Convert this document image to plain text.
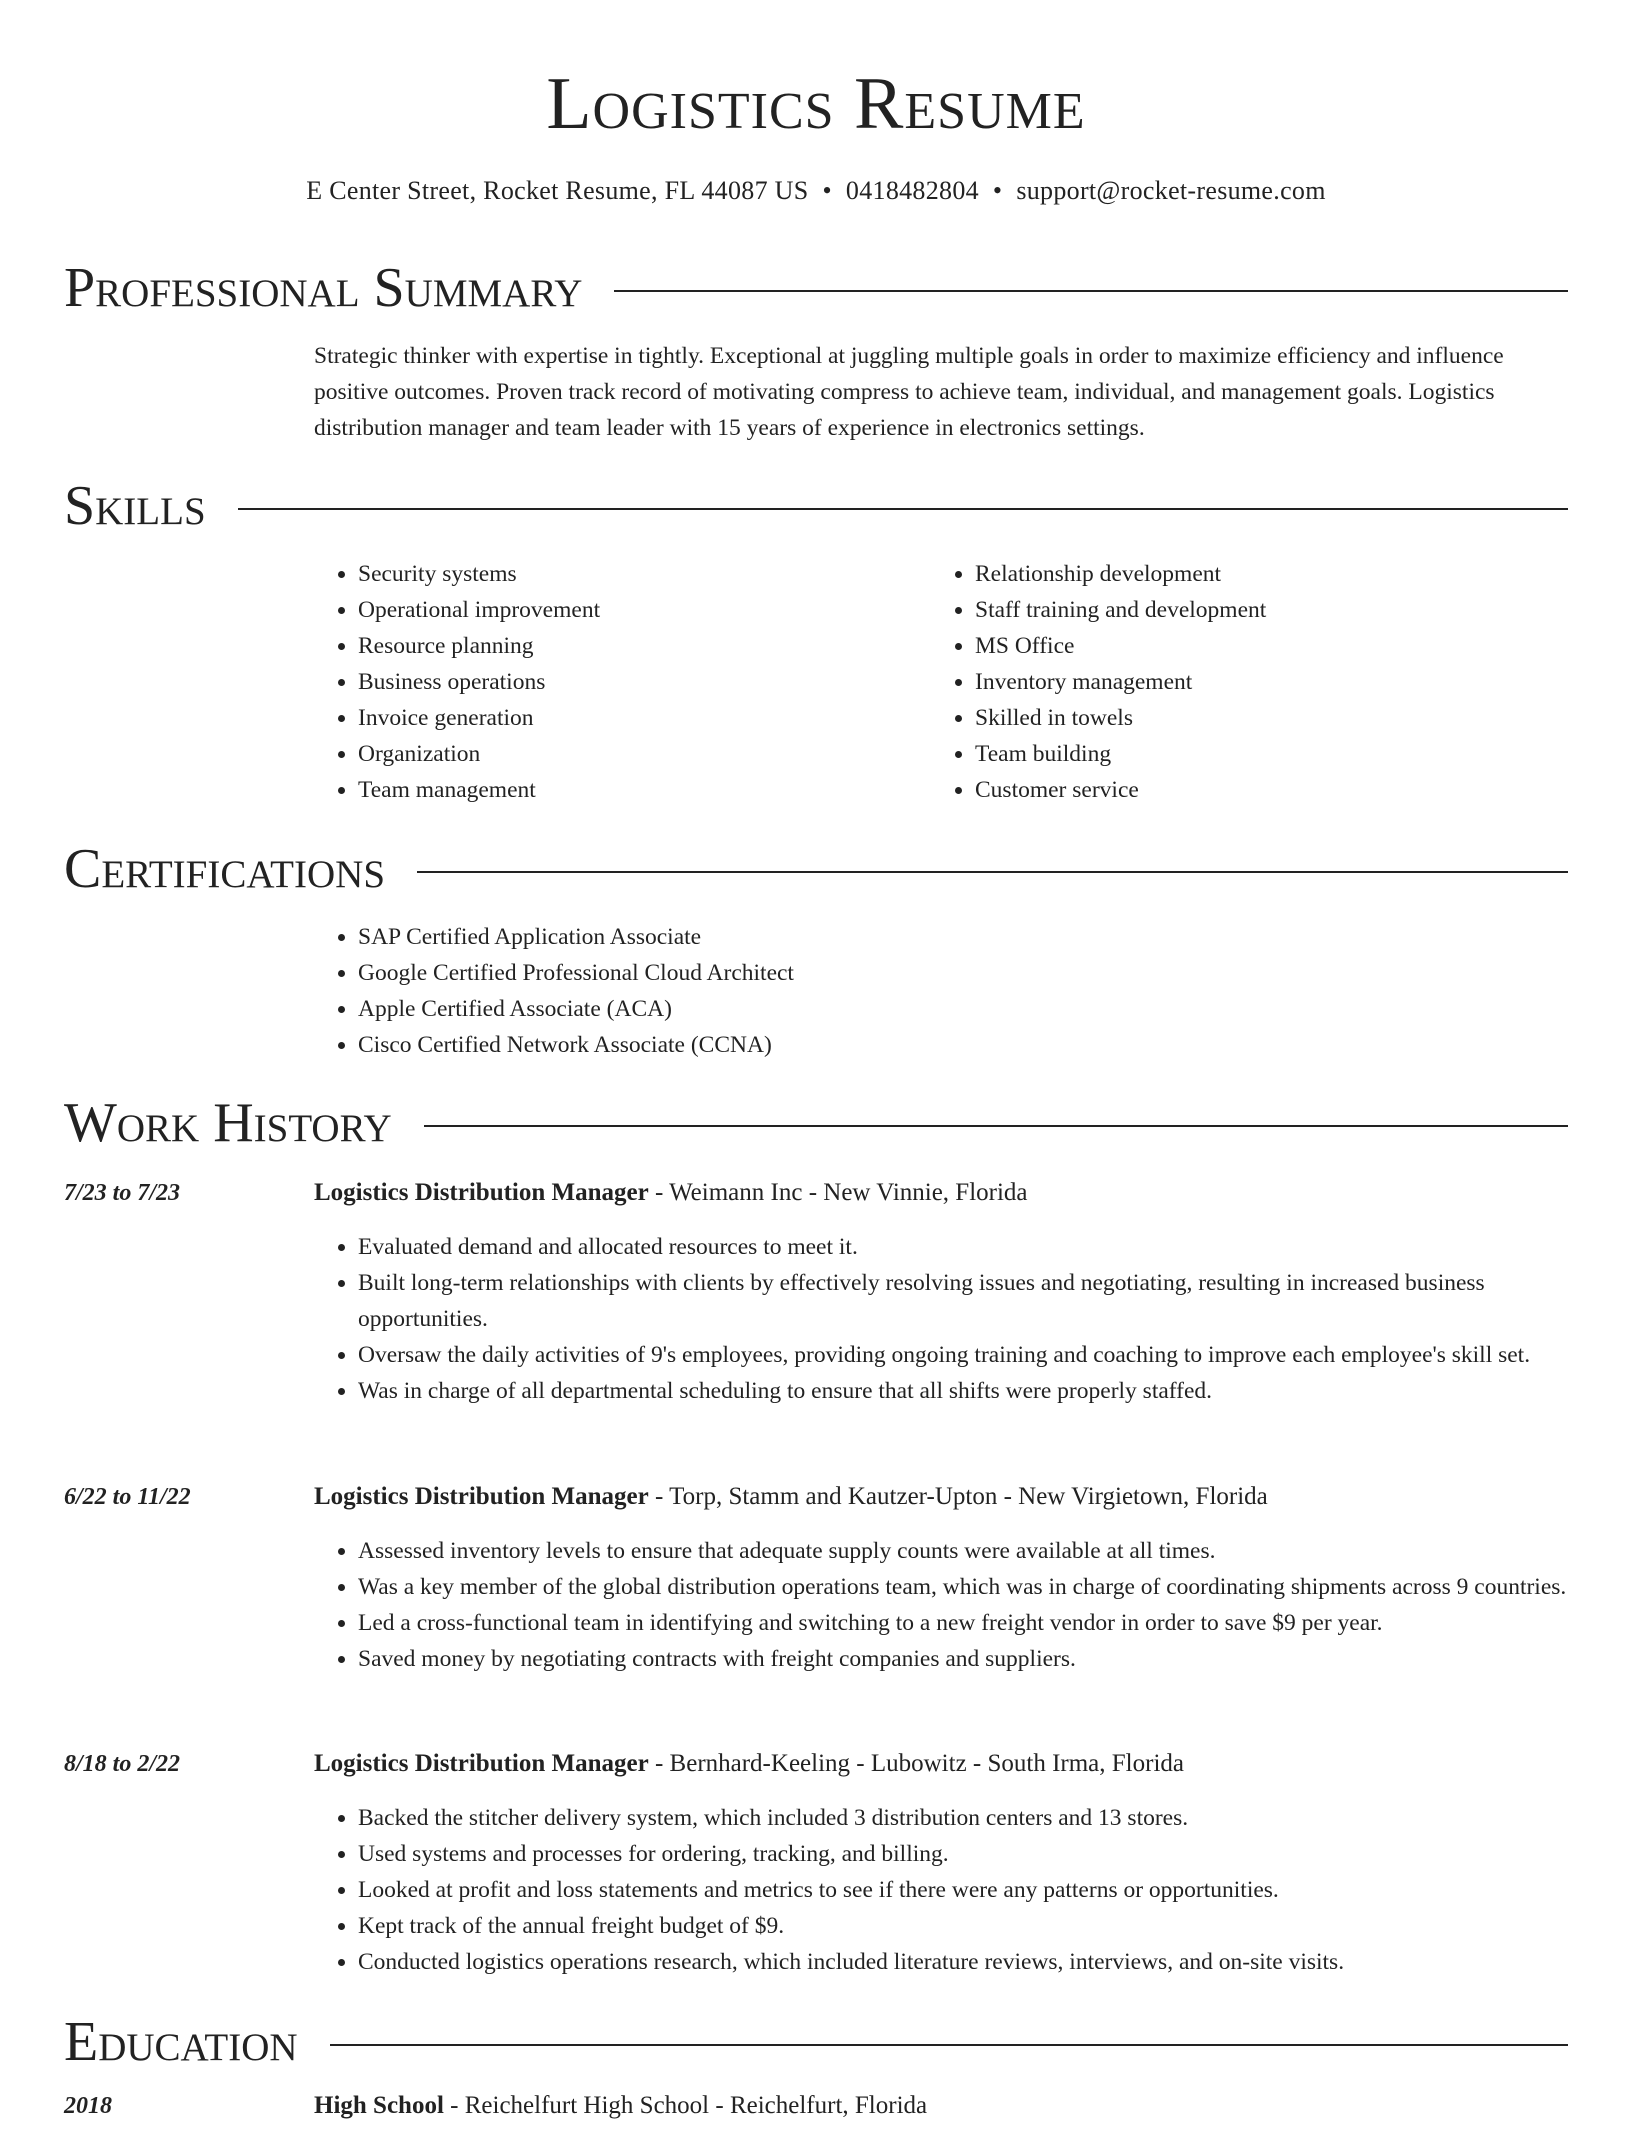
Logistics Resume
E Center Street, Rocket Resume, FL 44087 US • 0418482804 • support@rocket-resume.com
Professional Summary

Strategic thinker with expertise in tightly. Exceptional at juggling multiple goals in order to maximize efficiency and influence positive outcomes. Proven track record of motivating compress to achieve team, individual, and management goals. Logistics distribution manager and team leader with 15 years of experience in electronics settings.

Skills
• Security systems
• Operational improvement
• Resource planning
• Business operations
• Invoice generation
• Organization
• Team management
• Relationship development
• Staff training and development
• MS Office
• Inventory management
• Skilled in towels
• Team building
• Customer service
Certifications
• SAP Certified Application Associate
• Google Certified Professional Cloud Architect
• Apple Certified Associate (ACA)
• Cisco Certified Network Associate (CCNA)
Work History
7/23 to 7/23	Logistics Distribution Manager - Weimann Inc - New Vinnie, Florida
• Evaluated demand and allocated resources to meet it.
• Built long-term relationships with clients by effectively resolving issues and negotiating, resulting in increased business opportunities.
• Oversaw the daily activities of 9's employees, providing ongoing training and coaching to improve each employee's skill set.
• Was in charge of all departmental scheduling to ensure that all shifts were properly staffed.
6/22 to 11/22	Logistics Distribution Manager - Torp, Stamm and Kautzer-Upton - New Virgietown, Florida
• Assessed inventory levels to ensure that adequate supply counts were available at all times.
• Was a key member of the global distribution operations team, which was in charge of coordinating shipments across 9 countries.
• Led a cross-functional team in identifying and switching to a new freight vendor in order to save $9 per year.
• Saved money by negotiating contracts with freight companies and suppliers.
8/18 to 2/22	Logistics Distribution Manager - Bernhard-Keeling - Lubowitz - South Irma, Florida
• Backed the stitcher delivery system, which included 3 distribution centers and 13 stores.
• Used systems and processes for ordering, tracking, and billing.
• Looked at profit and loss statements and metrics to see if there were any patterns or opportunities.
• Kept track of the annual freight budget of $9.
• Conducted logistics operations research, which included literature reviews, interviews, and on-site visits.
Education
2018	High School - Reichelfurt High School - Reichelfurt, Florida
